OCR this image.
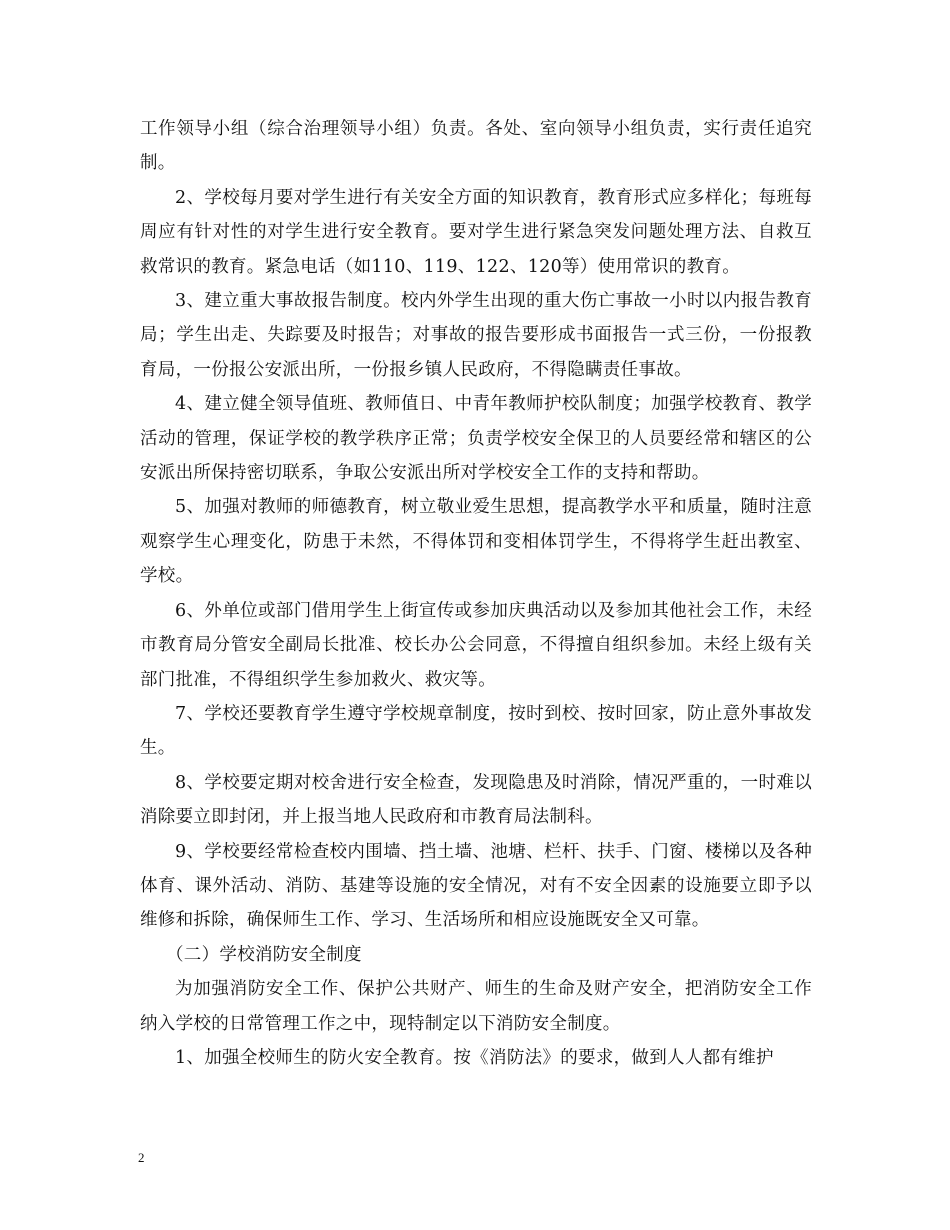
工作领导小组（综合治理领导小组）负责。各处、室向领导小组负责，实行责任追究制。

2、学校每月要对学生进行有关安全方面的知识教育，教育形式应多样化；每班每周应有针对性的对学生进行安全教育。要对学生进行紧急突发问题处理方法、自救互救常识的教育。紧急电话（如110、119、122、120等）使用常识的教育。

3、建立重大事故报告制度。校内外学生出现的重大伤亡事故一小时以内报告教育局；学生出走、失踪要及时报告；对事故的报告要形成书面报告一式三份，一份报教育局，一份报公安派出所，一份报乡镇人民政府，不得隐瞒责任事故。

4、建立健全领导值班、教师值日、中青年教师护校队制度；加强学校教育、教学活动的管理，保证学校的教学秩序正常；负责学校安全保卫的人员要经常和辖区的公安派出所保持密切联系，争取公安派出所对学校安全工作的支持和帮助。

5、加强对教师的师德教育，树立敬业爱生思想，提高教学水平和质量，随时注意观察学生心理变化，防患于未然，不得体罚和变相体罚学生，不得将学生赶出教室、学校。

6、外单位或部门借用学生上街宣传或参加庆典活动以及参加其他社会工作，未经市教育局分管安全副局长批准、校长办公会同意，不得擅自组织参加。未经上级有关部门批准，不得组织学生参加救火、救灾等。

7、学校还要教育学生遵守学校规章制度，按时到校、按时回家，防止意外事故发生。

8、学校要定期对校舍进行安全检查，发现隐患及时消除，情况严重的，一时难以消除要立即封闭，并上报当地人民政府和市教育局法制科。

9、学校要经常检查校内围墙、挡土墙、池塘、栏杆、扶手、门窗、楼梯以及各种体育、课外活动、消防、基建等设施的安全情况，对有不安全因素的设施要立即予以维修和拆除，确保师生工作、学习、生活场所和相应设施既安全又可靠。

（二）学校消防安全制度

为加强消防安全工作、保护公共财产、师生的生命及财产安全，把消防安全工作纳入学校的日常管理工作之中，现特制定以下消防安全制度。

1、加强全校师生的防火安全教育。按《消防法》的要求，做到人人都有维护

2
